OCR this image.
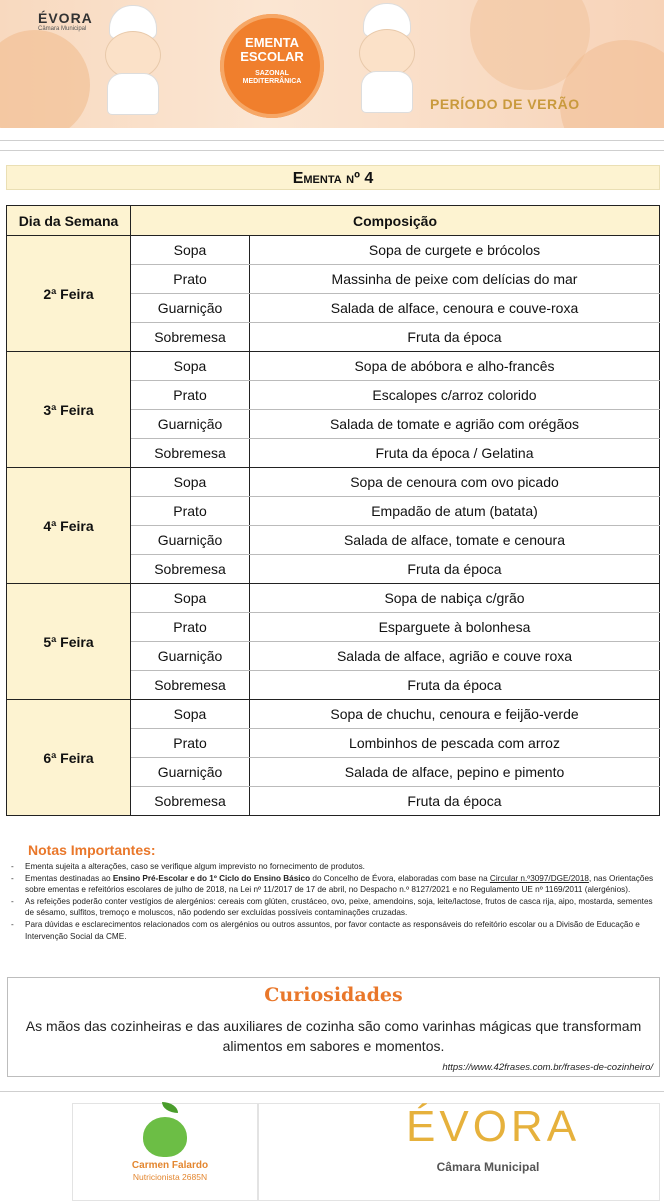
ÉVORA
Câmara Municipal
EMENTA
ESCOLAR
SAZONAL
MEDITERRÂNICA
PERÍODO DE VERÃO
Ementa nº 4
Dia da Semana	Composição	
2ª Feira	Sopa	Sopa de curgete e brócolos
	Prato	Massinha de peixe com delícias do mar
	Guarnição	Salada de alface, cenoura e couve-roxa
	Sobremesa	Fruta da época
3ª Feira	Sopa	Sopa de abóbora e alho-francês
	Prato	Escalopes c/arroz colorido
	Guarnição	Salada de tomate e agrião com orégãos
	Sobremesa	Fruta da época / Gelatina
4ª Feira	Sopa	Sopa de cenoura com ovo picado
	Prato	Empadão de atum (batata)
	Guarnição	Salada de alface, tomate e cenoura
	Sobremesa	Fruta da época
5ª Feira	Sopa	Sopa de nabiça c/grão
	Prato	Esparguete à bolonhesa
	Guarnição	Salada de alface, agrião e couve roxa
	Sobremesa	Fruta da época
6ª Feira	Sopa	Sopa de chuchu, cenoura e feijão-verde
	Prato	Lombinhos de pescada com arroz
	Guarnição	Salada de alface, pepino e pimento
	Sobremesa	Fruta da época
Notas Importantes:
- Ementa sujeita a alterações, caso se verifique algum imprevisto no fornecimento de produtos.
- Ementas destinadas ao Ensino Pré-Escolar e do 1º Ciclo do Ensino Básico do Concelho de Évora, elaboradas com base na Circular n.º3097/DGE/2018, nas Orientações sobre ementas e refeitórios escolares de julho de 2018, na Lei nº 11/2017 de 17 de abril, no Despacho n.º 8127/2021 e no Regulamento UE nº 1169/2011 (alergénios).
- As refeições poderão conter vestígios de alergénios: cereais com glúten, crustáceo, ovo, peixe, amendoins, soja, leite/lactose, frutos de casca rija, aipo, mostarda, sementes de sésamo, sulfitos, tremoço e moluscos, não podendo ser excluídas possíveis contaminações cruzadas.
- Para dúvidas e esclarecimentos relacionados com os alergénios ou outros assuntos, por favor contacte as responsáveis do refeitório escolar ou a Divisão de Educação e Intervenção Social da CME.
Curiosidades
As mãos das cozinheiras e das auxiliares de cozinha são como varinhas mágicas que transformam alimentos em sabores e momentos.
https://www.42frases.com.br/frases-de-cozinheiro/
Carmen Falardo
Nutricionista 2685N
ÉVORA
Câmara Municipal
